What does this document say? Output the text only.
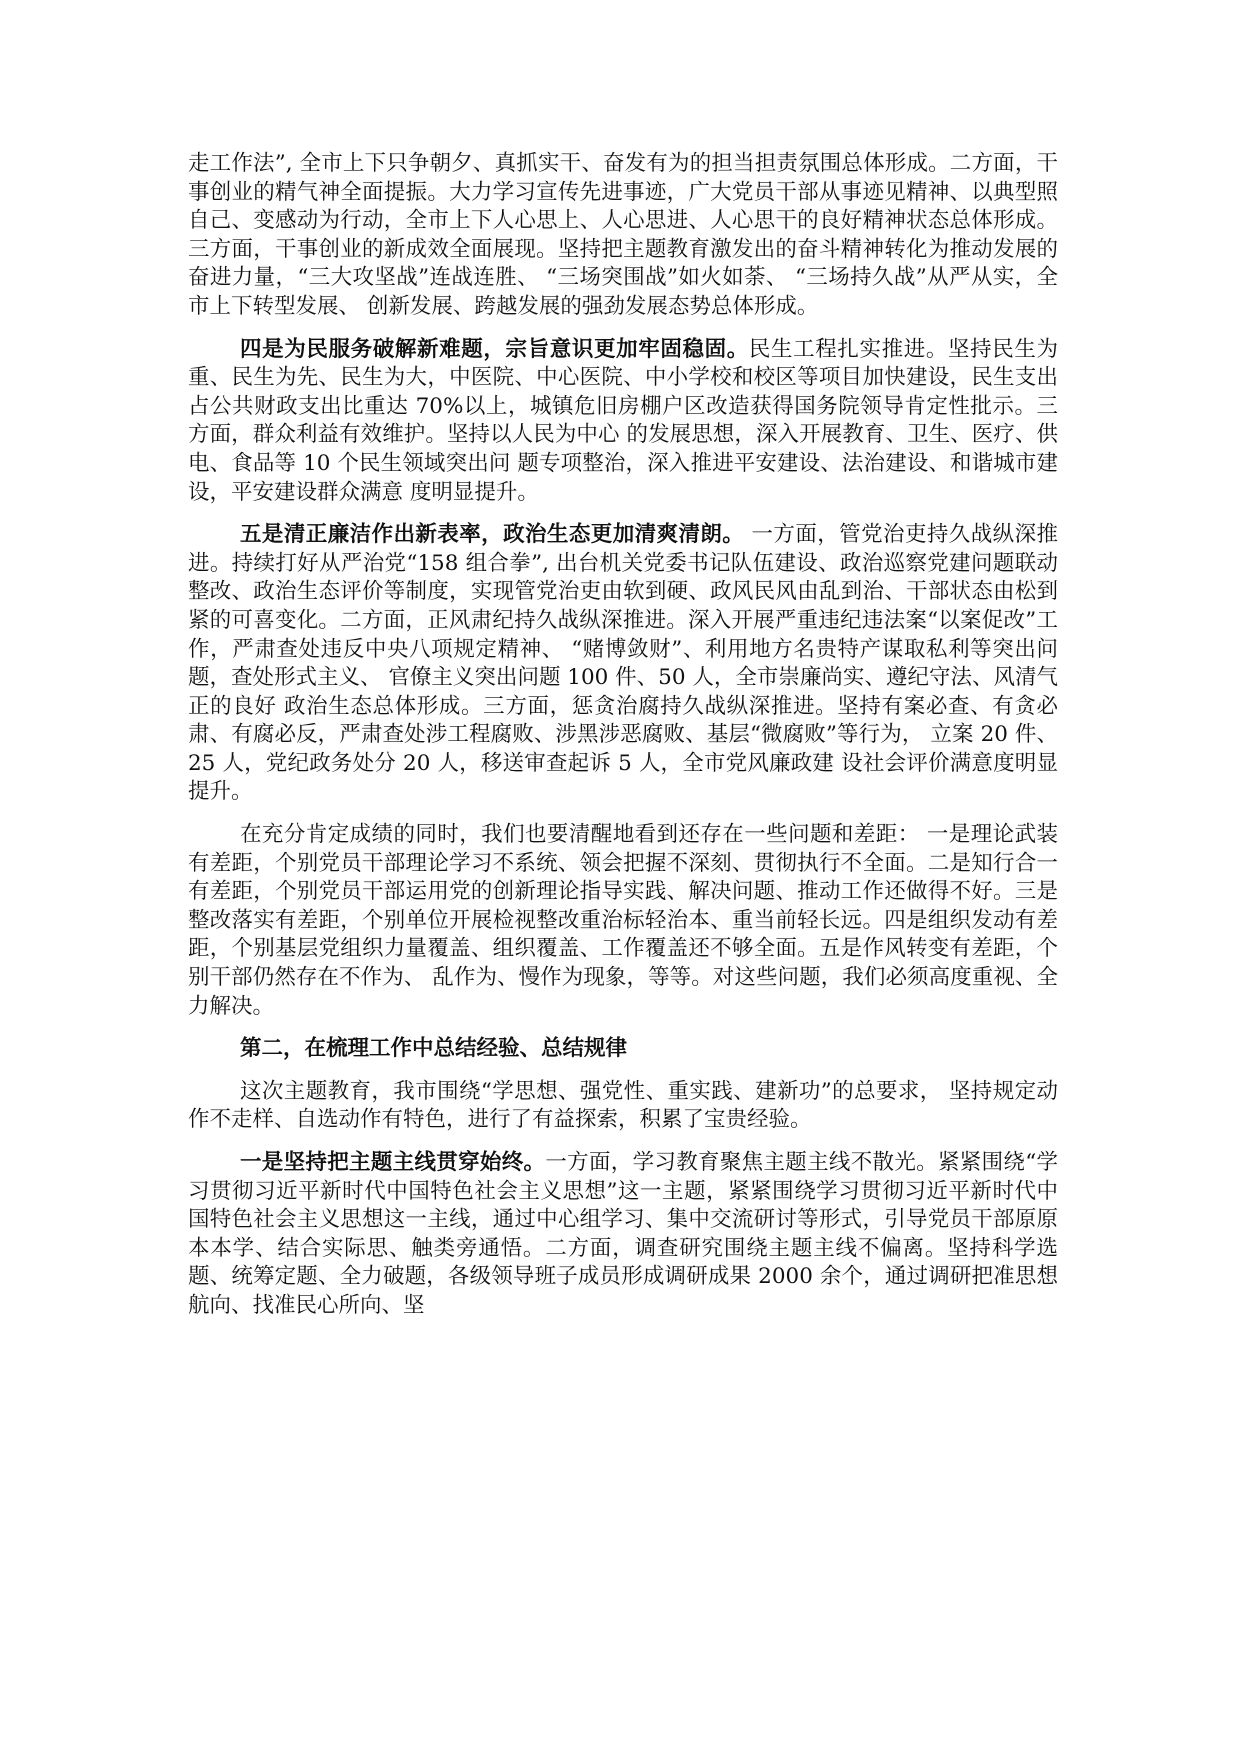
走工作法”, 全市上下只争朝夕、真抓实干、奋发有为的担当担责氛围总体形成。二方面，干事创业的精气神全面提振。大力学习宣传先进事迹，广大党员干部从事迹见精神、以典型照自己、变感动为行动，全市上下人心思上、人心思进、人心思干的良好精神状态总体形成。三方面，干事创业的新成效全面展现。坚持把主题教育激发出的奋斗精神转化为推动发展的奋进力量，“三大攻坚战”连战连胜、 “三场突围战”如火如荼、 “三场持久战”从严从实，全市上下转型发展、 创新发展、跨越发展的强劲发展态势总体形成。

四是为民服务破解新难题，宗旨意识更加牢固稳固。民生工程扎实推进。坚持民生为重、民生为先、民生为大，中医院、中心医院、中小学校和校区等项目加快建设，民生支出占公共财政支出比重达 70%以上，城镇危旧房棚户区改造获得国务院领导肯定性批示。三方面，群众利益有效维护。坚持以人民为中心 的发展思想，深入开展教育、卫生、医疗、供电、食品等 10 个民生领域突出问 题专项整治，深入推进平安建设、法治建设、和谐城市建设，平安建设群众满意 度明显提升。

五是清正廉洁作出新表率，政治生态更加清爽清朗。 一方面，管党治吏持久战纵深推进。持续打好从严治党“158 组合拳”, 出台机关党委书记队伍建设、政治巡察党建问题联动整改、政治生态评价等制度，实现管党治吏由软到硬、政风民风由乱到治、干部状态由松到紧的可喜变化。二方面，正风肃纪持久战纵深推进。深入开展严重违纪违法案“以案促改”工作，严肃查处违反中央八项规定精神、 “赌博敛财”、利用地方名贵特产谋取私利等突出问题，查处形式主义、 官僚主义突出问题 100 件、50 人，全市崇廉尚实、遵纪守法、风清气正的良好 政治生态总体形成。三方面，惩贪治腐持久战纵深推进。坚持有案必查、有贪必 肃、有腐必反，严肃查处涉工程腐败、涉黑涉恶腐败、基层“微腐败”等行为， 立案 20 件、25 人，党纪政务处分 20 人，移送审查起诉 5 人，全市党风廉政建 设社会评价满意度明显提升。

在充分肯定成绩的同时，我们也要清醒地看到还存在一些问题和差距： 一是理论武装有差距，个别党员干部理论学习不系统、领会把握不深刻、贯彻执行不全面。二是知行合一有差距，个别党员干部运用党的创新理论指导实践、解决问题、推动工作还做得不好。三是整改落实有差距，个别单位开展检视整改重治标轻治本、重当前轻长远。四是组织发动有差距，个别基层党组织力量覆盖、组织覆盖、工作覆盖还不够全面。五是作风转变有差距，个别干部仍然存在不作为、 乱作为、慢作为现象，等等。对这些问题，我们必须高度重视、全力解决。

第二，在梳理工作中总结经验、总结规律

这次主题教育，我市围绕“学思想、强党性、重实践、建新功”的总要求， 坚持规定动作不走样、自选动作有特色，进行了有益探索，积累了宝贵经验。

一是坚持把主题主线贯穿始终。一方面，学习教育聚焦主题主线不散光。紧紧围绕“学习贯彻习近平新时代中国特色社会主义思想”这一主题，紧紧围绕学习贯彻习近平新时代中国特色社会主义思想这一主线，通过中心组学习、集中交流研讨等形式，引导党员干部原原本本学、结合实际思、触类旁通悟。二方面，调查研究围绕主题主线不偏离。坚持科学选题、统筹定题、全力破题，各级领导班子成员形成调研成果 2000 余个，通过调研把准思想航向、找准民心所向、坚
